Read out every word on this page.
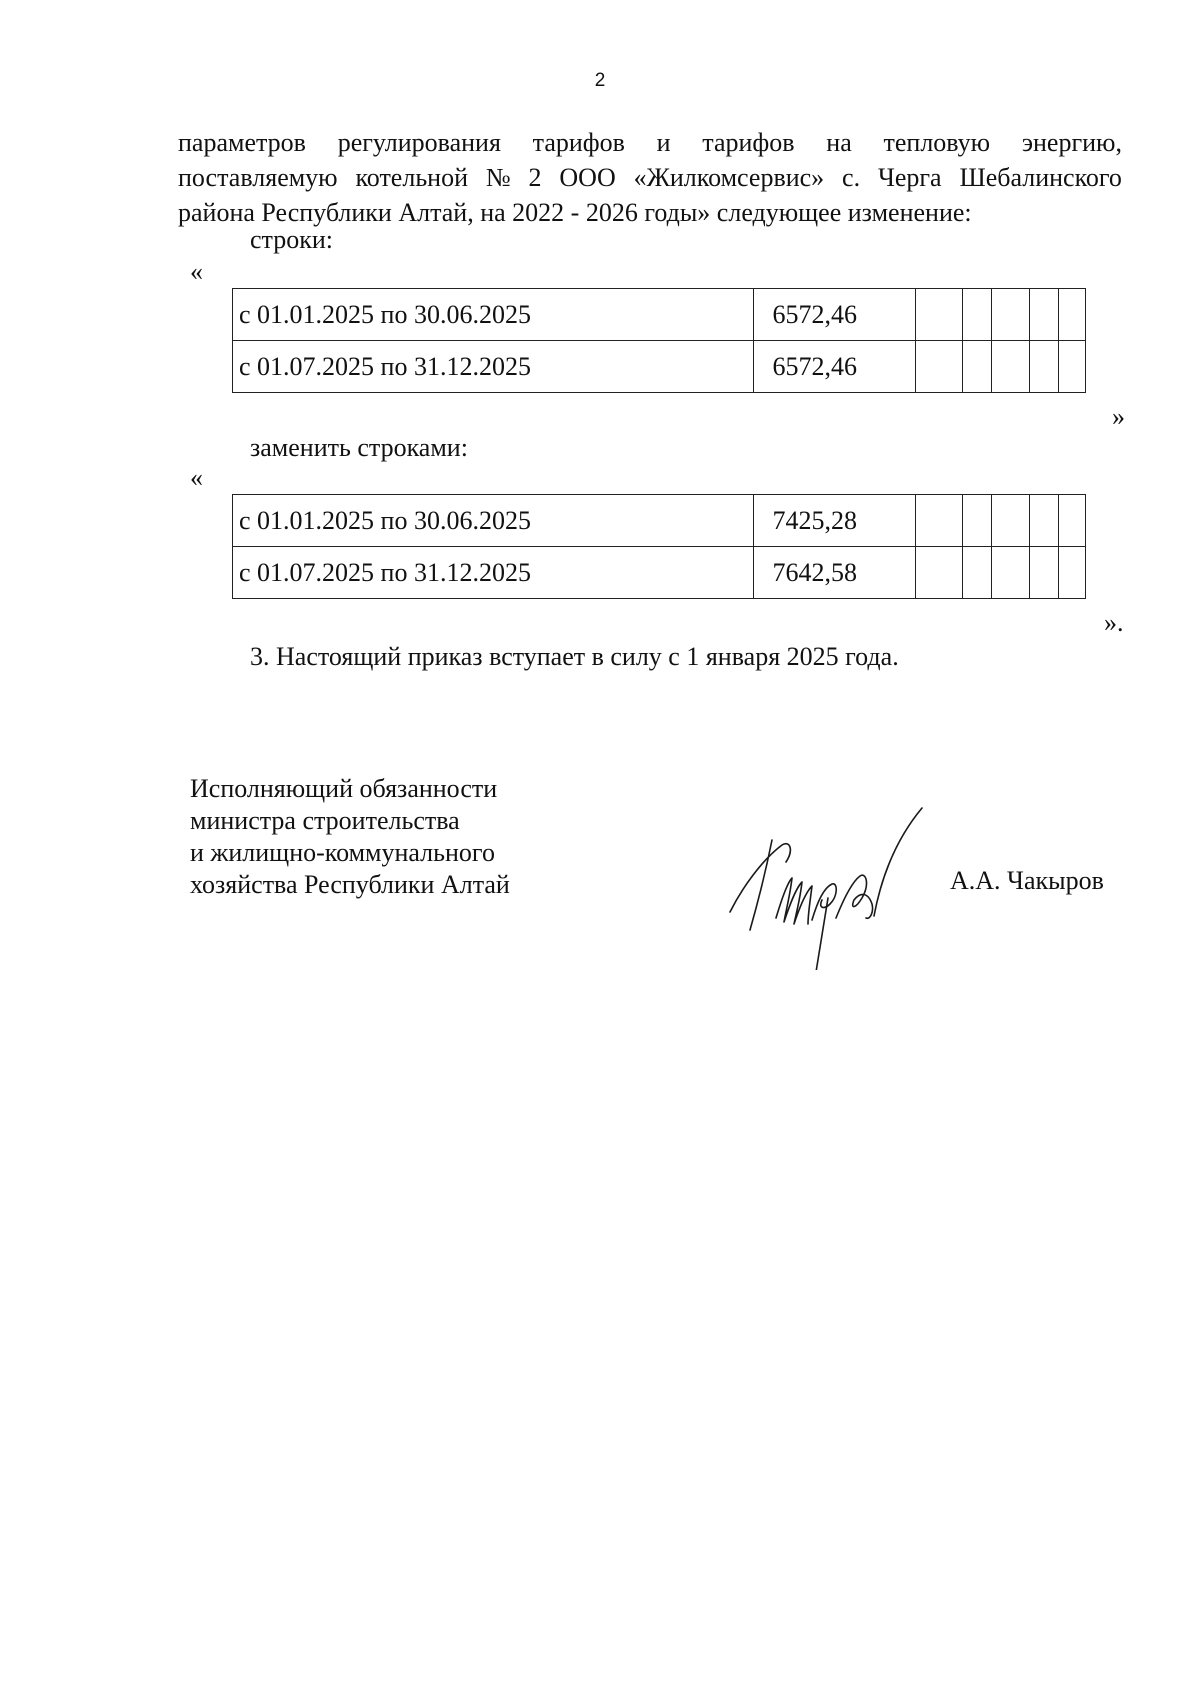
2
параметров регулирования тарифов и тарифов на тепловую энергию,
поставляемую котельной № 2 ООО «Жилкомсервис» с. Черга Шебалинского
района Республики Алтай, на 2022 - 2026 годы» следующее изменение:
строки:
«
с 01.01.2025 по 30.06.2025	6572,46					
с 01.07.2025 по 31.12.2025	6572,46					
»
заменить строками:
«
с 01.01.2025 по 30.06.2025	7425,28					
с 01.07.2025 по 31.12.2025	7642,58					
».
3. Настоящий приказ вступает в силу с 1 января 2025 года.
Исполняющий обязанности
министра строительства
и жилищно-коммунального
хозяйства Республики Алтай	А.А. Чакыров
